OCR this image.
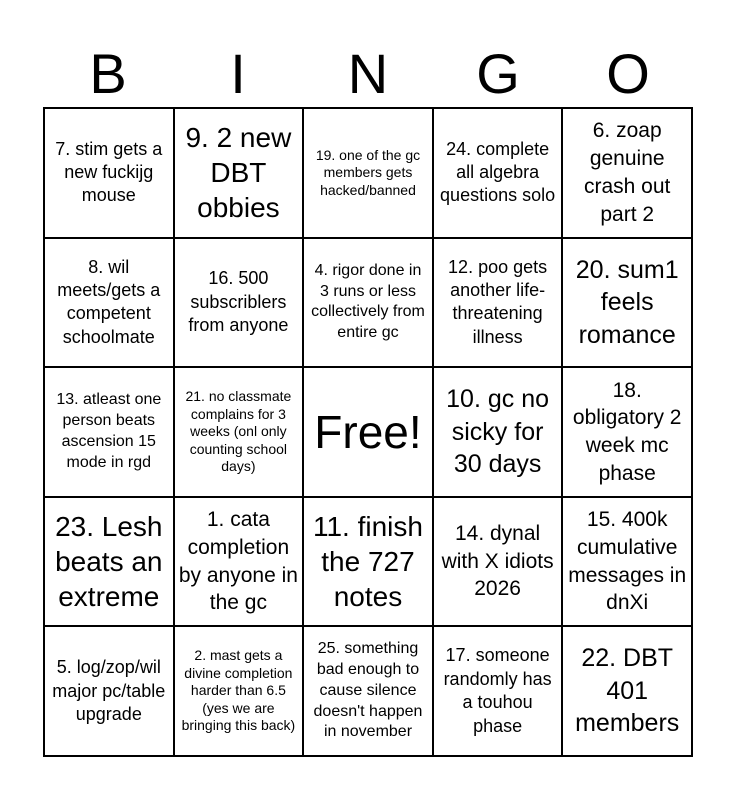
B	I	N	G	O
7. stim gets a new fuckijg mouse
9. 2 new DBT obbies
19. one of the gc members gets hacked/banned
24. complete all algebra questions solo
6. zoap genuine crash out part 2
8. wil meets/gets a competent schoolmate
16. 500 subscriblers from anyone
4. rigor done in 3 runs or less collectively from entire gc
12. poo gets another life-threatening illness
20. sum1 feels romance
13. atleast one person beats ascension 15 mode in rgd
21. no classmate complains for 3 weeks (onl only counting school days)
Free!
10. gc no sicky for 30 days
18. obligatory 2 week mc phase
23. Lesh beats an extreme
1. cata completion by anyone in the gc
11. finish the 727 notes
14. dynal with X idiots 2026
15. 400k cumulative messages in dnXi
5. log/zop/wil major pc/table upgrade
2. mast gets a divine completion harder than 6.5 (yes we are bringing this back)
25. something bad enough to cause silence doesn't happen in november
17. someone randomly has a touhou phase
22. DBT 401 members
